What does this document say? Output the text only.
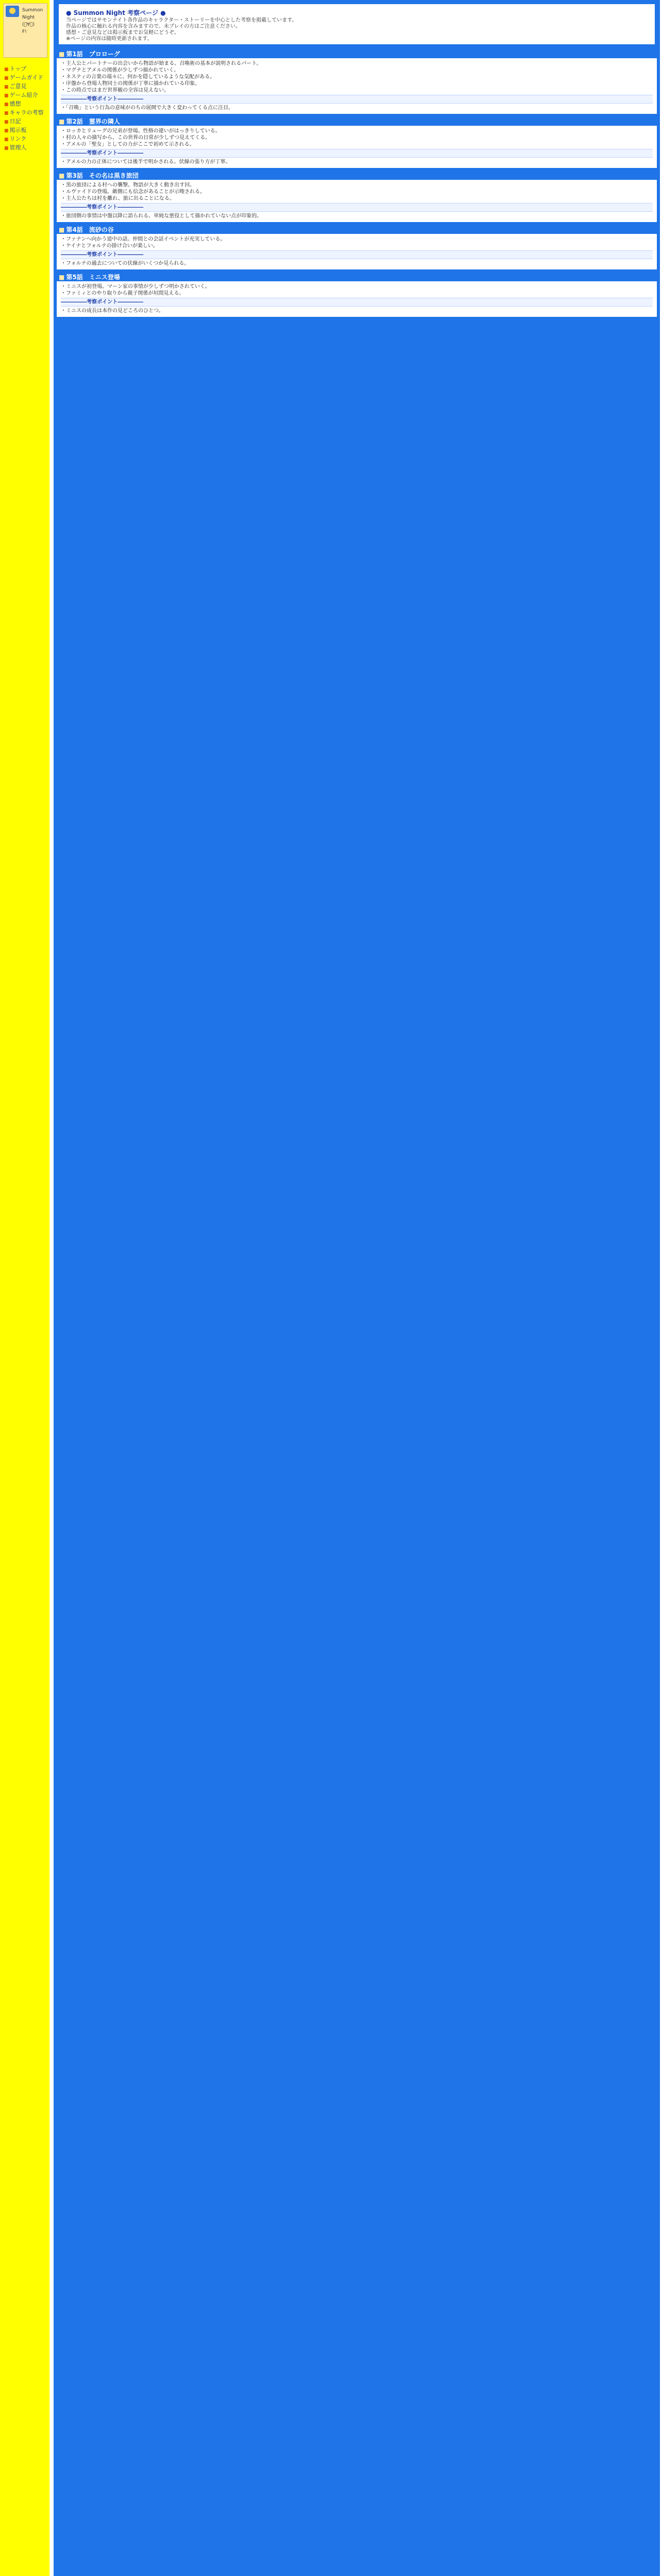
Summon
Night
(ﾟ∀ﾟ)
F!
■ トップ
■ ゲームガイド
■ ご意見
■ ゲーム紹介
■ 感想
■ キャラの考察
■ 日記
■ 掲示板
■ リンク
■ 管理人
● Summon Night 考察ページ ●
当ページではサモンナイト各作品のキャラクター・ストーリーを中心とした考察を掲載しています。
作品の核心に触れる内容を含みますので、未プレイの方はご注意ください。
感想・ご意見などは掲示板までお気軽にどうぞ。
※ページの内容は随時更新されます。
■ 第1話　プロローグ
・主人公とパートナーの出会いから物語が始まる。召喚術の基本が説明されるパート。
・マグナとアメルの関係が少しずつ描かれていく。
・ネスティの言葉の端々に、何かを隠しているような気配がある。
・序盤から登場人物同士の関係が丁寧に描かれている印象。
・この時点ではまだ世界観の全容は見えない。
―――――考察ポイント―――――
・「召喚」という行為の意味がのちの展開で大きく変わってくる点に注目。
■ 第2話　霊界の隣人
・ロッカとリューグの兄弟が登場。性格の違いがはっきりしている。
・村の人々の描写から、この世界の日常が少しずつ見えてくる。
・アメルの「聖女」としての力がここで初めて示される。
―――――考察ポイント―――――
・アメルの力の正体については後半で明かされる。伏線の張り方が丁寧。
■ 第3話　その名は黒き旅団
・黒の旅団による村への襲撃。物語が大きく動き出す回。
・ルヴァイドの登場。敵側にも信念があることが示唆される。
・主人公たちは村を離れ、旅に出ることになる。
―――――考察ポイント―――――
・旅団側の事情は中盤以降に語られる。単純な悪役として描かれていない点が印象的。
■ 第4話　流砂の谷
・ファナンへ向かう道中の話。仲間との会話イベントが充実している。
・ケイナとフォルテの掛け合いが楽しい。
―――――考察ポイント―――――
・フォルテの過去についての伏線がいくつか見られる。
■ 第5話　ミニス登場
・ミニスが初登場。マーン家の事情が少しずつ明かされていく。
・ファミィとのやり取りから親子関係が垣間見える。
―――――考察ポイント―――――
・ミニスの成長は本作の見どころのひとつ。
